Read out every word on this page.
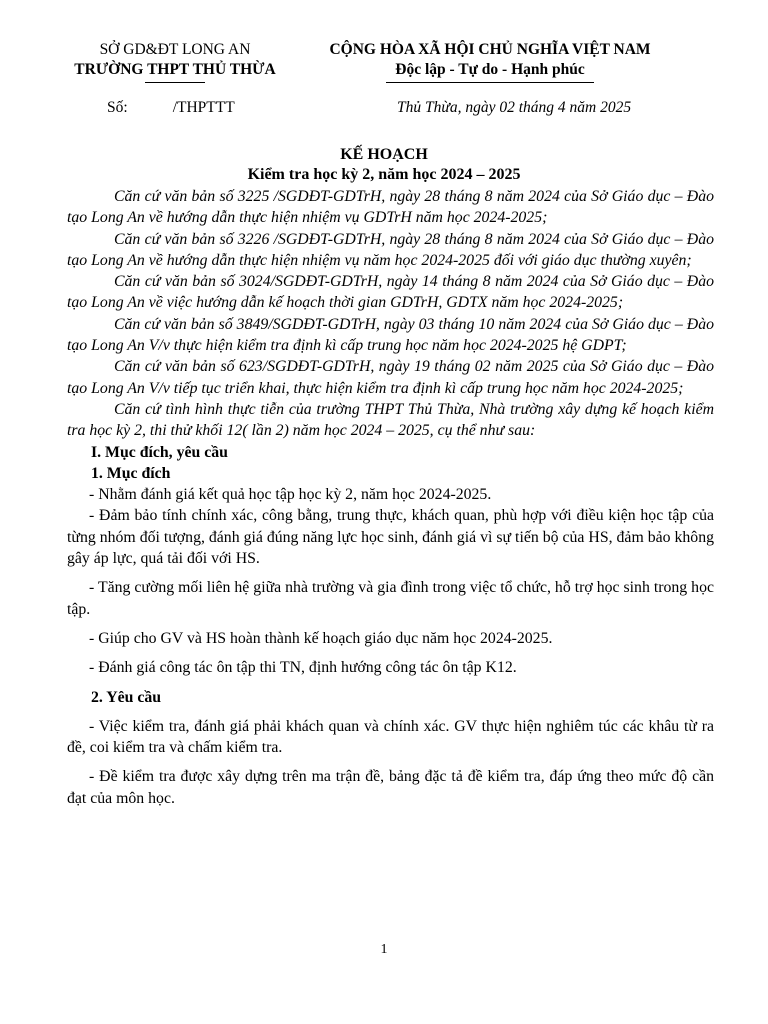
SỞ GD&ĐT LONG AN
TRƯỜNG THPT THỦ THỪA
CỘNG HÒA XÃ HỘI CHỦ NGHĨA VIỆT NAM
Độc lập - Tự do - Hạnh phúc
Số:	/THPTTT	Thủ Thừa, ngày 02 tháng 4 năm 2025
KẾ HOẠCH
Kiểm tra học kỳ 2, năm học 2024 – 2025

Căn cứ văn bản số 3225 /SGDĐT-GDTrH, ngày 28 tháng 8 năm 2024 của Sở Giáo dục – Đào tạo Long An về hướng dẫn thực hiện nhiệm vụ GDTrH năm học 2024-2025;

Căn cứ văn bản số 3226 /SGDĐT-GDTrH, ngày 28 tháng 8 năm 2024 của Sở Giáo dục – Đào tạo Long An về hướng dẫn thực hiện nhiệm vụ năm học 2024-2025 đối với giáo dục thường xuyên;

Căn cứ văn bản số 3024/SGDĐT-GDTrH, ngày 14 tháng 8 năm 2024 của Sở Giáo dục – Đào tạo Long An về việc hướng dẫn kế hoạch thời gian GDTrH, GDTX năm học 2024-2025;

Căn cứ văn bản số 3849/SGDĐT-GDTrH, ngày 03 tháng 10 năm 2024 của Sở Giáo dục – Đào tạo Long An V/v thực hiện kiểm tra định kì cấp trung học năm học 2024-2025 hệ GDPT;

Căn cứ văn bản số 623/SGDĐT-GDTrH, ngày 19 tháng 02 năm 2025 của Sở Giáo dục – Đào tạo Long An V/v tiếp tục triển khai, thực hiện kiểm tra định kì cấp trung học năm học 2024-2025;

Căn cứ tình hình thực tiễn của trường THPT Thủ Thừa, Nhà trường xây dựng kế hoạch kiểm tra học kỳ 2, thi thử khối 12( lần 2) năm học 2024 – 2025, cụ thể như sau:

I. Mục đích, yêu cầu

1. Mục đích

- Nhằm đánh giá kết quả học tập học kỳ 2, năm học 2024-2025.

- Đảm bảo tính chính xác, công bằng, trung thực, khách quan, phù hợp với điều kiện học tập của từng nhóm đối tượng, đánh giá đúng năng lực học sinh, đánh giá vì sự tiến bộ của HS, đảm bảo không gây áp lực, quá tải đối với HS.

- Tăng cường mối liên hệ giữa nhà trường và gia đình trong việc tổ chức, hỗ trợ học sinh trong học tập.

- Giúp cho GV và HS hoàn thành kế hoạch giáo dục năm học 2024-2025.

- Đánh giá công tác ôn tập thi TN, định hướng công tác ôn tập K12.

2. Yêu cầu

- Việc kiểm tra, đánh giá phải khách quan và chính xác. GV thực hiện nghiêm túc các khâu từ ra đề, coi kiểm tra và chấm kiểm tra.

- Đề kiểm tra được xây dựng trên ma trận đề, bảng đặc tả đề kiểm tra, đáp ứng theo mức độ cần đạt của môn học.

1
